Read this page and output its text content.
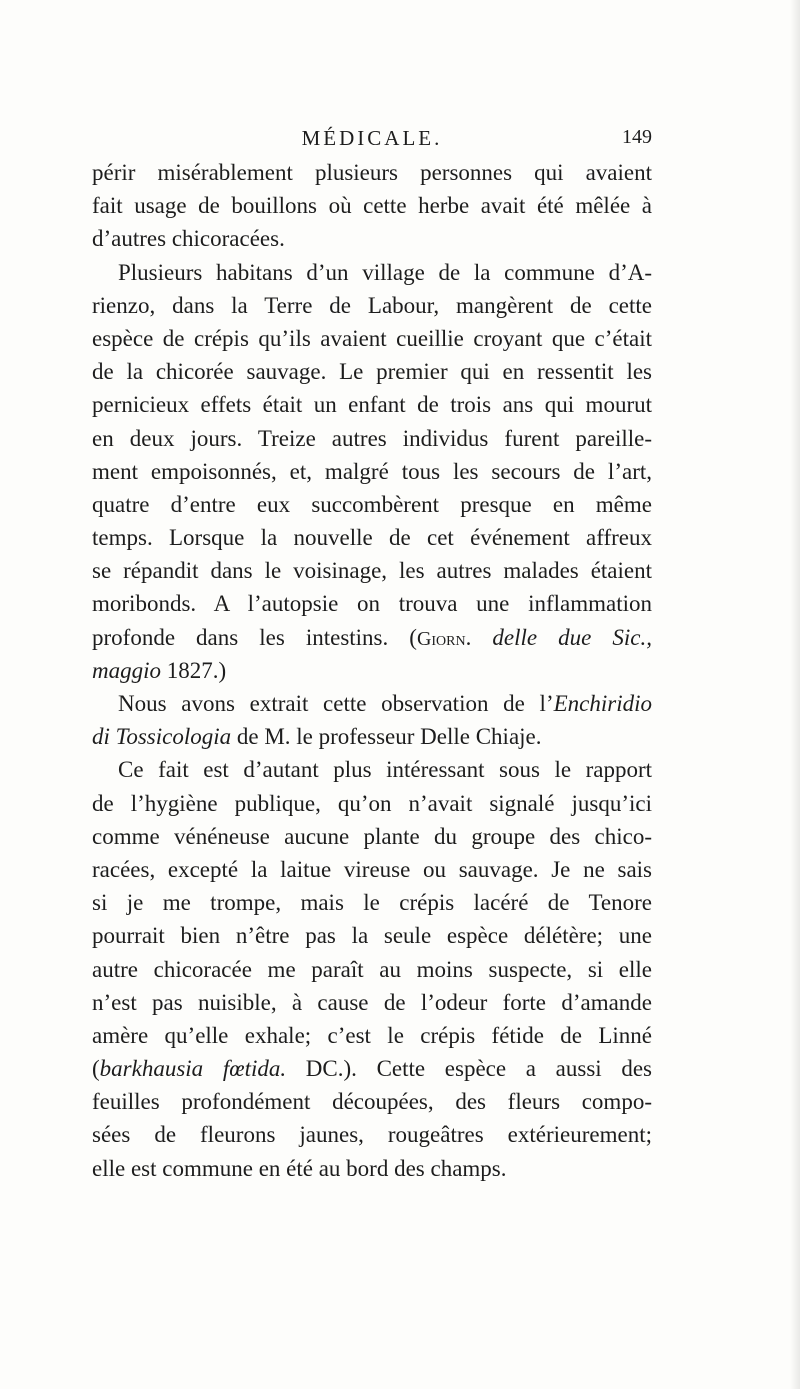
MÉDICALE.	149
périr misérablement plusieurs personnes qui avaient
fait usage de bouillons où cette herbe avait été mêlée à
d’autres chicoracées.
Plusieurs habitans d’un village de la commune d’A-
rienzo, dans la Terre de Labour, mangèrent de cette
espèce de crépis qu’ils avaient cueillie croyant que c’était
de la chicorée sauvage. Le premier qui en ressentit les
pernicieux effets était un enfant de trois ans qui mourut
en deux jours. Treize autres individus furent pareille-
ment empoisonnés, et, malgré tous les secours de l’art,
quatre d’entre eux succombèrent presque en même
temps. Lorsque la nouvelle de cet événement affreux
se répandit dans le voisinage, les autres malades étaient
moribonds. A l’autopsie on trouva une inflammation
profonde dans les intestins. (Giorn. delle due Sic.,
maggio 1827.)
Nous avons extrait cette observation de l’Enchiridio
di Tossicologia de M. le professeur Delle Chiaje.
Ce fait est d’autant plus intéressant sous le rapport
de l’hygiène publique, qu’on n’avait signalé jusqu’ici
comme vénéneuse aucune plante du groupe des chico-
racées, excepté la laitue vireuse ou sauvage. Je ne sais
si je me trompe, mais le crépis lacéré de Tenore
pourrait bien n’être pas la seule espèce délétère; une
autre chicoracée me paraît au moins suspecte, si elle
n’est pas nuisible, à cause de l’odeur forte d’amande
amère qu’elle exhale; c’est le crépis fétide de Linné
(barkhausia fœtida. DC.). Cette espèce a aussi des
feuilles profondément découpées, des fleurs compo-
sées de fleurons jaunes, rougeâtres extérieurement;
elle est commune en été au bord des champs.
